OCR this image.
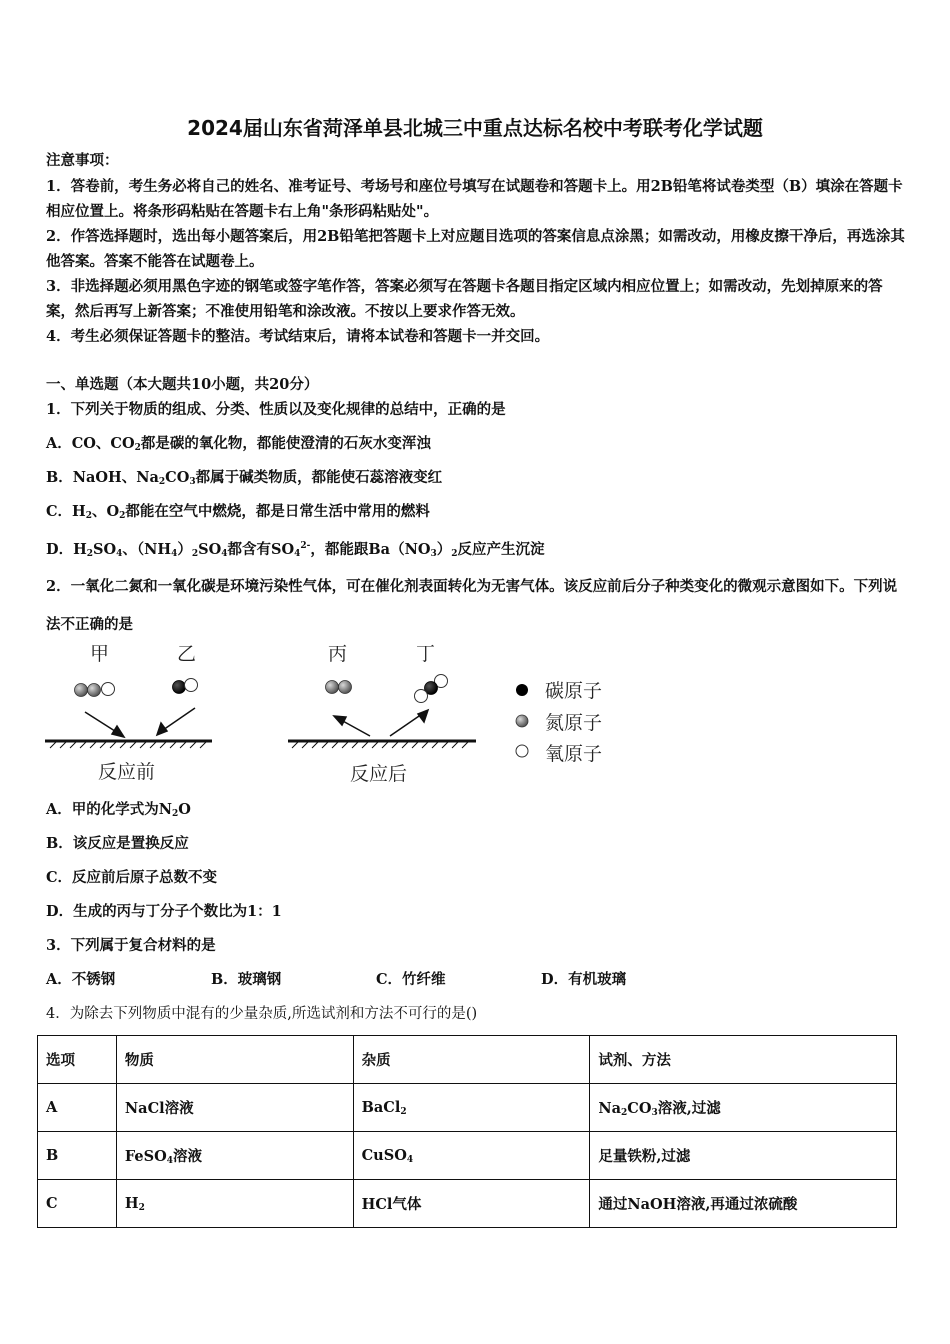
2024届山东省菏泽单县北城三中重点达标名校中考联考化学试题
注意事项：
1．答卷前，考生务必将自己的姓名、准考证号、考场号和座位号填写在试题卷和答题卡上。用2B铅笔将试卷类型（B）填涂在答题卡相应位置上。将条形码粘贴在答题卡右上角"条形码粘贴处"。
2．作答选择题时，选出每小题答案后，用2B铅笔把答题卡上对应题目选项的答案信息点涂黑；如需改动，用橡皮擦干净后，再选涂其他答案。答案不能答在试题卷上。
3．非选择题必须用黑色字迹的钢笔或签字笔作答，答案必须写在答题卡各题目指定区域内相应位置上；如需改动，先划掉原来的答案，然后再写上新答案；不准使用铅笔和涂改液。不按以上要求作答无效。
4．考生必须保证答题卡的整洁。考试结束后，请将本试卷和答题卡一并交回。
一、单选题（本大题共10小题，共20分）
1．下列关于物质的组成、分类、性质以及变化规律的总结中，正确的是
A．CO、$CO_2$都是碳的氧化物，都能使澄清的石灰水变浑浊
B．NaOH、$Na_2CO_3$都属于碱类物质，都能使石蕊溶液变红
C．$H_2$、$O_2$都能在空气中燃烧，都是日常生活中常用的燃料
D．$H_2SO_4$、$(NH_4)_2SO_4$都含有$SO_4^{2-}$，都能跟$Ba(NO_3)_2$反应产生沉淀
2．一氧化二氮和一氧化碳是环境污染性气体，可在催化剂表面转化为无害气体。该反应前后分子种类变化的微观示意图如下。下列说法不正确的是
甲	乙	丙	丁
反应前	反应后
碳原子
氮原子
氧原子
A．甲的化学式为$N_2O$
B．该反应是置换反应
C．反应前后原子总数不变
D．生成的丙与丁分子个数比为1：1
3．下列属于复合材料的是
A．不锈钢	B．玻璃钢	C．竹纤维	D．有机玻璃
4．为除去下列物质中混有的少量杂质,所选试剂和方法不可行的是()
选项	物质	杂质	试剂、方法
A	NaCl溶液	BaCl$_2$	$Na_2CO_3$溶液,过滤
B	FeSO$_4$溶液	CuSO$_4$	足量铁粉,过滤
C	$H_2$	HCl气体	通过NaOH溶液,再通过浓硫酸
